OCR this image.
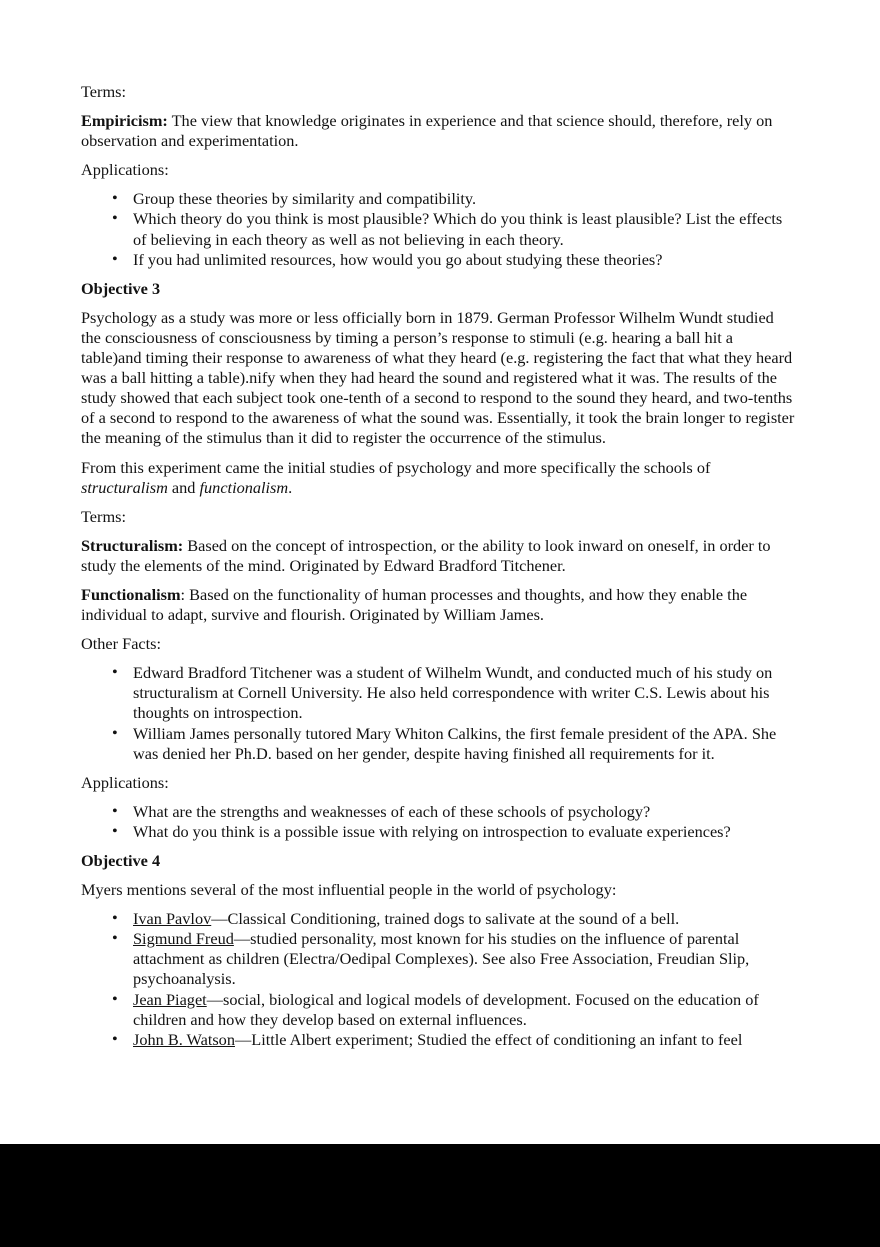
Terms:

Empiricism: The view that knowledge originates in experience and that science should, therefore, rely on observation and experimentation.

Applications:

• Group these theories by similarity and compatibility.
• Which theory do you think is most plausible? Which do you think is least plausible? List the effects of believing in each theory as well as not believing in each theory.
• If you had unlimited resources, how would you go about studying these theories?
Objective 3

Psychology as a study was more or less officially born in 1879. German Professor Wilhelm Wundt studied the consciousness of consciousness by timing a person’s response to stimuli (e.g. hearing a ball hit a table)and timing their response to awareness of what they heard (e.g. registering the fact that what they heard was a ball hitting a table).nify when they had heard the sound and registered what it was. The results of the study showed that each subject took one-tenth of a second to respond to the sound they heard, and two-tenths of a second to respond to the awareness of what the sound was. Essentially, it took the brain longer to register the meaning of the stimulus than it did to register the occurrence of the stimulus.

From this experiment came the initial studies of psychology and more specifically the schools of structuralism and functionalism.

Terms:

Structuralism: Based on the concept of introspection, or the ability to look inward on oneself, in order to study the elements of the mind. Originated by Edward Bradford Titchener.

Functionalism: Based on the functionality of human processes and thoughts, and how they enable the individual to adapt, survive and flourish. Originated by William James.

Other Facts:

• Edward Bradford Titchener was a student of Wilhelm Wundt, and conducted much of his study on structuralism at Cornell University. He also held correspondence with writer C.S. Lewis about his thoughts on introspection.
• William James personally tutored Mary Whiton Calkins, the first female president of the APA. She was denied her Ph.D. based on her gender, despite having finished all requirements for it.

Applications:

• What are the strengths and weaknesses of each of these schools of psychology?
• What do you think is a possible issue with relying on introspection to evaluate experiences?
Objective 4

Myers mentions several of the most influential people in the world of psychology:

• Ivan Pavlov—Classical Conditioning, trained dogs to salivate at the sound of a bell.
• Sigmund Freud—studied personality, most known for his studies on the influence of parental attachment as children (Electra/Oedipal Complexes). See also Free Association, Freudian Slip, psychoanalysis.
• Jean Piaget—social, biological and logical models of development. Focused on the education of children and how they develop based on external influences.
• John B. Watson—Little Albert experiment; Studied the effect of conditioning an infant to feel
